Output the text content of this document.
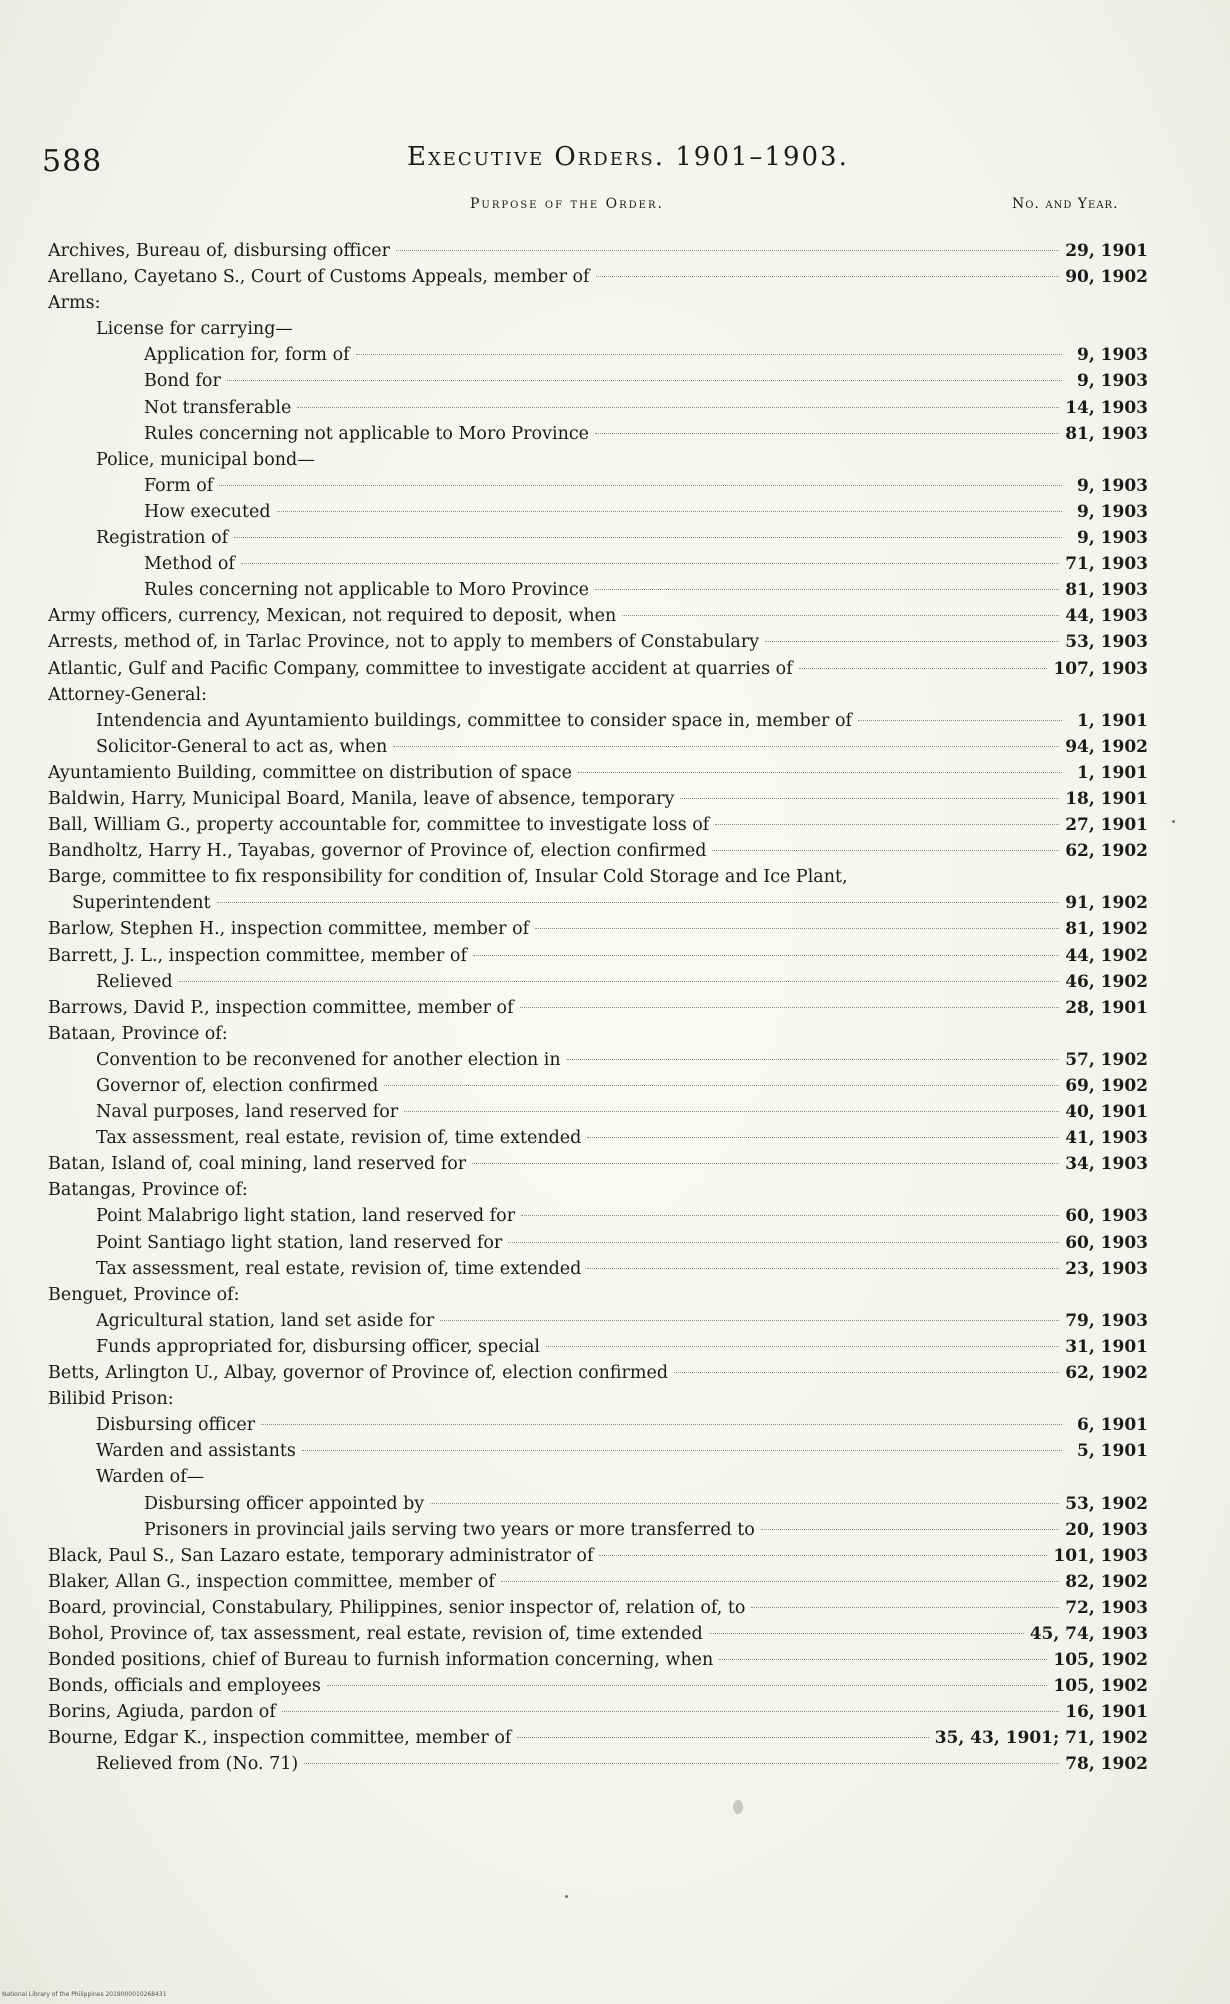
588	Executive Orders. 1901–1903.
Purpose of the Order.	No. and Year.
Archives, Bureau of, disbursing officer	29, 1901
Arellano, Cayetano S., Court of Customs Appeals, member of	90, 1902
Arms:
License for carrying—
Application for, form of	9, 1903
Bond for	9, 1903
Not transferable	14, 1903
Rules concerning not applicable to Moro Province	81, 1903
Police, municipal bond—
Form of	9, 1903
How executed	9, 1903
Registration of	9, 1903
Method of	71, 1903
Rules concerning not applicable to Moro Province	81, 1903
Army officers, currency, Mexican, not required to deposit, when	44, 1903
Arrests, method of, in Tarlac Province, not to apply to members of Constabulary	53, 1903
Atlantic, Gulf and Pacific Company, committee to investigate accident at quarries of	107, 1903
Attorney-General:
Intendencia and Ayuntamiento buildings, committee to consider space in, member of	1, 1901
Solicitor-General to act as, when	94, 1902
Ayuntamiento Building, committee on distribution of space	1, 1901
Baldwin, Harry, Municipal Board, Manila, leave of absence, temporary	18, 1901
Ball, William G., property accountable for, committee to investigate loss of	27, 1901
Bandholtz, Harry H., Tayabas, governor of Province of, election confirmed	62, 1902
Barge, committee to fix responsibility for condition of, Insular Cold Storage and Ice Plant,
Superintendent	91, 1902
Barlow, Stephen H., inspection committee, member of	81, 1902
Barrett, J. L., inspection committee, member of	44, 1902
Relieved	46, 1902
Barrows, David P., inspection committee, member of	28, 1901
Bataan, Province of:
Convention to be reconvened for another election in	57, 1902
Governor of, election confirmed	69, 1902
Naval purposes, land reserved for	40, 1901
Tax assessment, real estate, revision of, time extended	41, 1903
Batan, Island of, coal mining, land reserved for	34, 1903
Batangas, Province of:
Point Malabrigo light station, land reserved for	60, 1903
Point Santiago light station, land reserved for	60, 1903
Tax assessment, real estate, revision of, time extended	23, 1903
Benguet, Province of:
Agricultural station, land set aside for	79, 1903
Funds appropriated for, disbursing officer, special	31, 1901
Betts, Arlington U., Albay, governor of Province of, election confirmed	62, 1902
Bilibid Prison:
Disbursing officer	6, 1901
Warden and assistants	5, 1901
Warden of—
Disbursing officer appointed by	53, 1902
Prisoners in provincial jails serving two years or more transferred to	20, 1903
Black, Paul S., San Lazaro estate, temporary administrator of	101, 1903
Blaker, Allan G., inspection committee, member of	82, 1902
Board, provincial, Constabulary, Philippines, senior inspector of, relation of, to	72, 1903
Bohol, Province of, tax assessment, real estate, revision of, time extended	45, 74, 1903
Bonded positions, chief of Bureau to furnish information concerning, when	105, 1902
Bonds, officials and employees	105, 1902
Borins, Agiuda, pardon of	16, 1901
Bourne, Edgar K., inspection committee, member of	35, 43, 1901; 71, 1902
Relieved from (No. 71)	78, 1902
National Library of the Philippines 2019000010268431
